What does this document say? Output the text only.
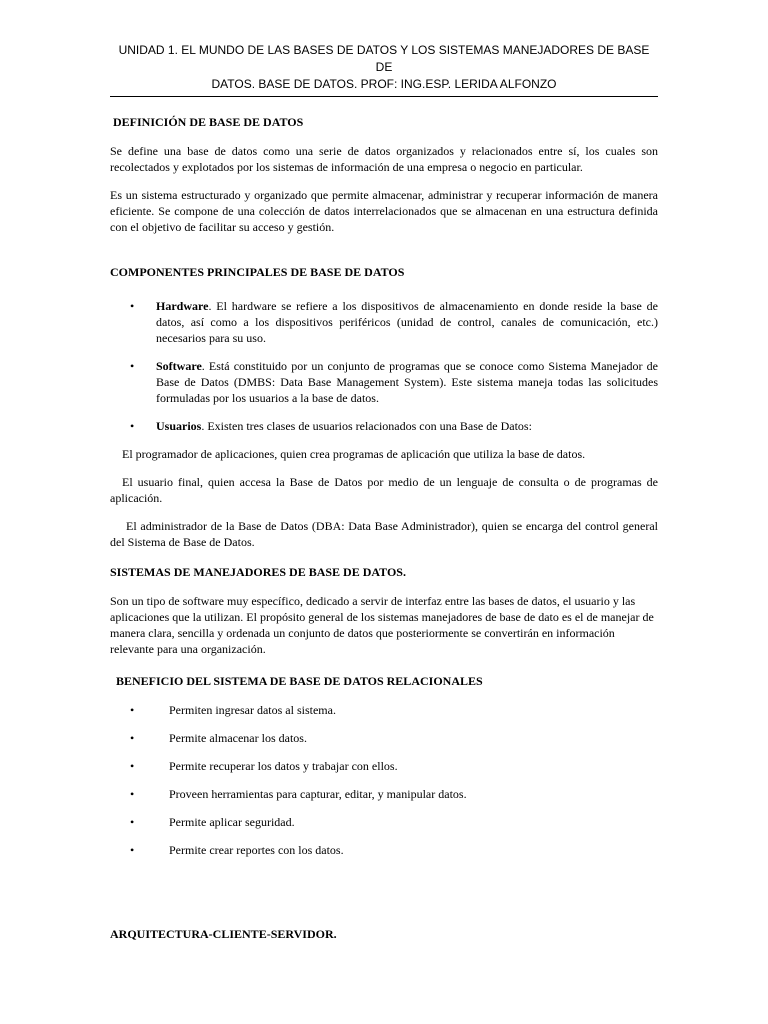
UNIDAD 1. EL MUNDO DE LAS BASES DE DATOS Y LOS SISTEMAS MANEJADORES DE BASE DE
DATOS. BASE DE DATOS. PROF: ING.ESP. LERIDA ALFONZO
DEFINICIÓN DE BASE DE DATOS

Se define una base de datos como una serie de datos organizados y relacionados entre sí, los cuales son recolectados y explotados por los sistemas de información de una empresa o negocio en particular.

Es un sistema estructurado y organizado que permite almacenar, administrar y recuperar información de manera eficiente. Se compone de una colección de datos interrelacionados que se almacenan en una estructura definida con el objetivo de facilitar su acceso y gestión.

COMPONENTES PRINCIPALES DE BASE DE DATOS
• Hardware. El hardware se refiere a los dispositivos de almacenamiento en donde reside la base de datos, así como a los dispositivos periféricos (unidad de control, canales de comunicación, etc.) necesarios para su uso.
• Software. Está constituido por un conjunto de programas que se conoce como Sistema Manejador de Base de Datos (DMBS: Data Base Management System). Este sistema maneja todas las solicitudes formuladas por los usuarios a la base de datos.
• Usuarios. Existen tres clases de usuarios relacionados con una Base de Datos:

El programador de aplicaciones, quien crea programas de aplicación que utiliza la base de datos.

El usuario final, quien accesa la Base de Datos por medio de un lenguaje de consulta o de programas de aplicación.

El administrador de la Base de Datos (DBA: Data Base Administrador), quien se encarga del control general del Sistema de Base de Datos.

SISTEMAS DE MANEJADORES DE BASE DE DATOS.

Son un tipo de software muy específico, dedicado a servir de interfaz entre las bases de datos, el usuario y las aplicaciones que la utilizan. El propósito general de los sistemas manejadores de base de dato es el de manejar de manera clara, sencilla y ordenada un conjunto de datos que posteriormente se convertirán en información relevante para una organización.

BENEFICIO DEL SISTEMA DE BASE DE DATOS RELACIONALES
•	Permiten ingresar datos al sistema.
•	Permite almacenar los datos.
•	Permite recuperar los datos y trabajar con ellos.
•	Proveen herramientas para capturar, editar, y manipular datos.
•	Permite aplicar seguridad.
•	Permite crear reportes con los datos.
ARQUITECTURA-CLIENTE-SERVIDOR.
